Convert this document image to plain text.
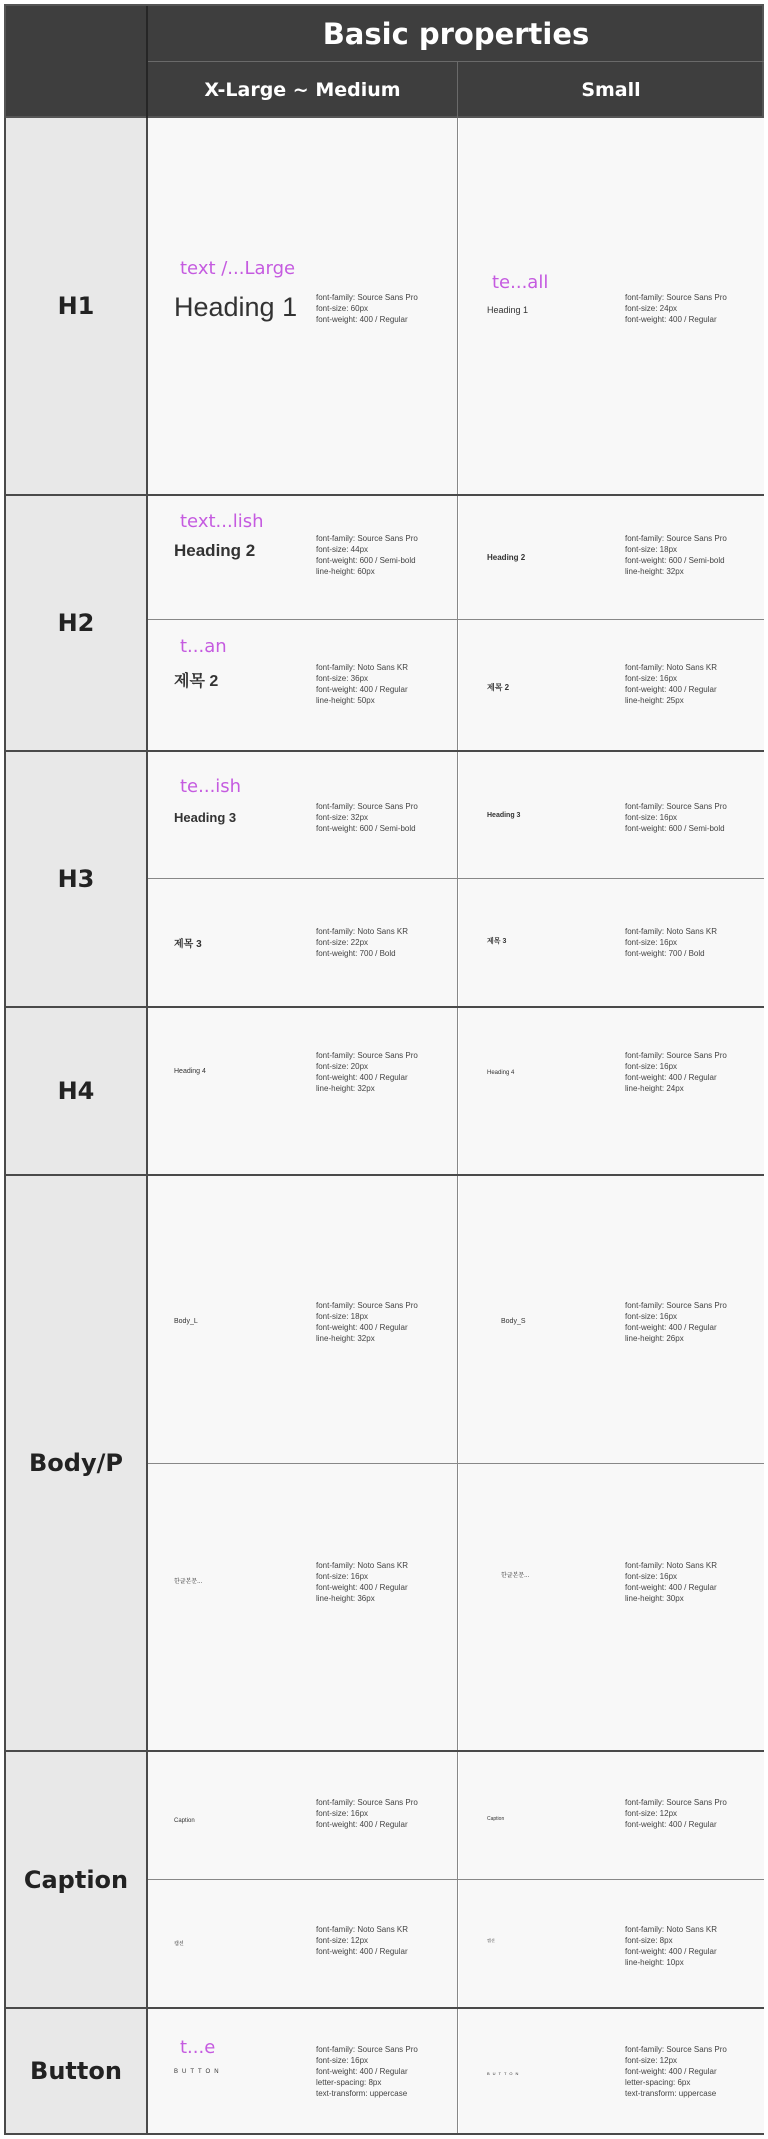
Basic properties
X-Large ~ Medium	Small
H1
text /...Large
Heading 1 font-family: Source Sans Pro
font-size: 60px
font-weight: 400 / Regular
te...all
Heading 1
font-family: Source Sans Pro
font-size: 24px
font-weight: 400 / Regular
H2
text...lish
Heading 2
font-family: Source Sans Pro
font-size: 44px
font-weight: 600 / Semi-bold
line-height: 60px
Heading 2
font-family: Source Sans Pro
font-size: 18px
font-weight: 600 / Semi-bold
line-height: 32px
t...an
제목 2
font-family: Noto Sans KR
font-size: 36px
font-weight: 400 / Regular
line-height: 50px
제목 2
font-family: Noto Sans KR
font-size: 16px
font-weight: 400 / Regular
line-height: 25px
H3
te...ish
Heading 3
font-family: Source Sans Pro
font-size: 32px
font-weight: 600 / Semi-bold
Heading 3
font-family: Source Sans Pro
font-size: 16px
font-weight: 600 / Semi-bold
제목 3
font-family: Noto Sans KR
font-size: 22px
font-weight: 700 / Bold
제목 3
font-family: Noto Sans KR
font-size: 16px
font-weight: 700 / Bold
H4
Heading 4
font-family: Source Sans Pro
font-size: 20px
font-weight: 400 / Regular
line-height: 32px
Heading 4
font-family: Source Sans Pro
font-size: 16px
font-weight: 400 / Regular
line-height: 24px
Body/P
Body_L
font-family: Source Sans Pro
font-size: 18px
font-weight: 400 / Regular
line-height: 32px
Body_S
font-family: Source Sans Pro
font-size: 16px
font-weight: 400 / Regular
line-height: 26px
한글본문...
font-family: Noto Sans KR
font-size: 16px
font-weight: 400 / Regular
line-height: 36px
한글본문...
font-family: Noto Sans KR
font-size: 16px
font-weight: 400 / Regular
line-height: 30px
Caption
Caption
font-family: Source Sans Pro
font-size: 16px
font-weight: 400 / Regular
Caption
font-family: Source Sans Pro
font-size: 12px
font-weight: 400 / Regular
캡션
font-family: Noto Sans KR
font-size: 12px
font-weight: 400 / Regular
캡션
font-family: Noto Sans KR
font-size: 8px
font-weight: 400 / Regular
line-height: 10px
Button
t...e
BUTTON
font-family: Source Sans Pro
font-size: 16px
font-weight: 400 / Regular
letter-spacing: 8px
text-transform: uppercase
BUTTON
font-family: Source Sans Pro
font-size: 12px
font-weight: 400 / Regular
letter-spacing: 6px
text-transform: uppercase
